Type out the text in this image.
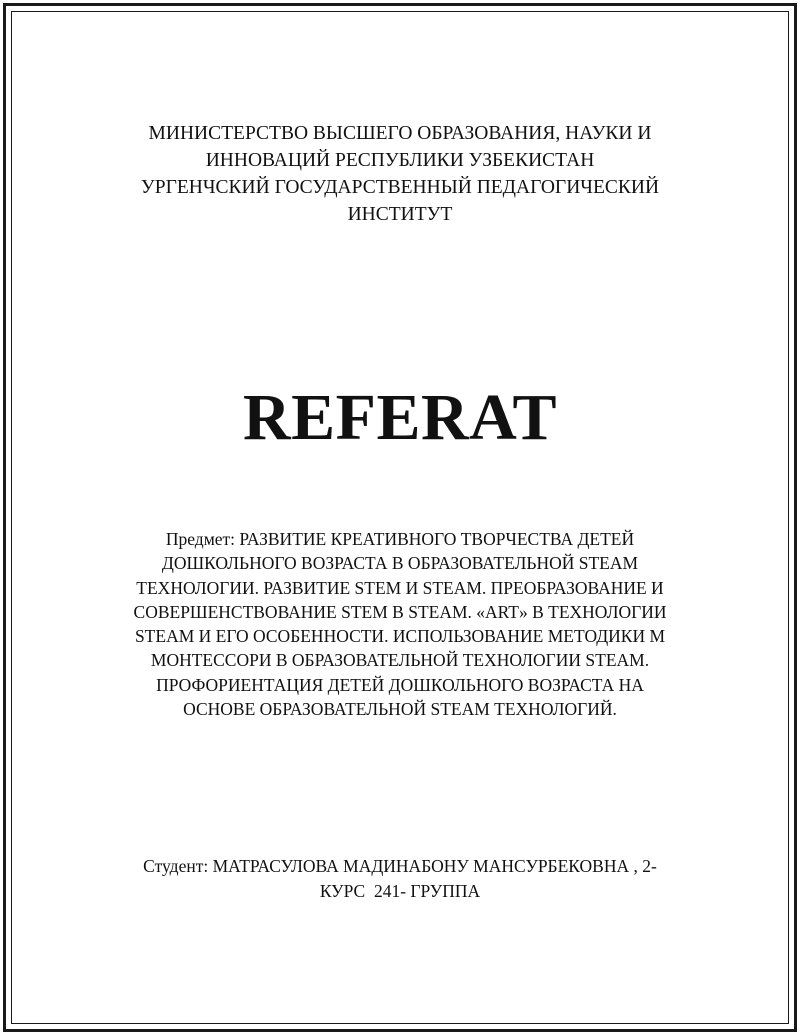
МИНИСТЕРСТВО ВЫСШЕГО ОБРАЗОВАНИЯ, НАУКИ И
ИННОВАЦИЙ РЕСПУБЛИКИ УЗБЕКИСТАН
УРГЕНЧСКИЙ ГОСУДАРСТВЕННЫЙ ПЕДАГОГИЧЕСКИЙ
ИНСТИТУТ
REFERAT
Предмет: РАЗВИТИЕ КРЕАТИВНОГО ТВОРЧЕСТВА ДЕТЕЙ
ДОШКОЛЬНОГО ВОЗРАСТА В ОБРАЗОВАТЕЛЬНОЙ STEAM
ТЕХНОЛОГИИ. РАЗВИТИЕ STEM И STEAM. ПРЕОБРАЗОВАНИЕ И
СОВЕРШЕНСТВОВАНИЕ STEM В STEAM. «ART» В ТЕХНОЛОГИИ
STEAM И ЕГО ОСОБЕННОСТИ. ИСПОЛЬЗОВАНИЕ МЕТОДИКИ М
МОНТЕССОРИ В ОБРАЗОВАТЕЛЬНОЙ ТЕХНОЛОГИИ STEAM.
ПРОФОРИЕНТАЦИЯ ДЕТЕЙ ДОШКОЛЬНОГО ВОЗРАСТА НА
ОСНОВЕ ОБРАЗОВАТЕЛЬНОЙ STEAM ТЕХНОЛОГИЙ.
Студент: МАТРАСУЛОВА МАДИНАБОНУ МАНСУРБЕКОВНА , 2-
КУРС  241- ГРУППА
